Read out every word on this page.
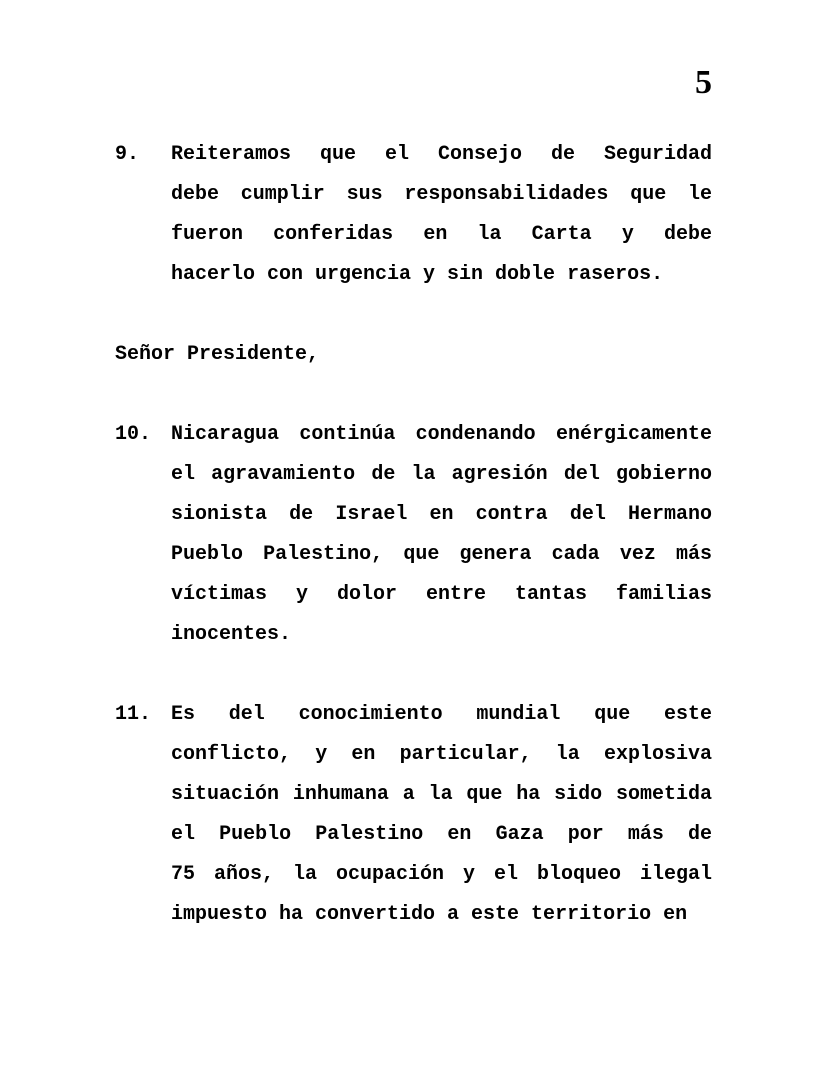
5
9.	Reiteramos que el Consejo de Seguridad
debe cumplir sus responsabilidades que le
fueron conferidas en la Carta y debe
hacerlo con urgencia y sin doble raseros.
Señor Presidente,
10. Nicaragua continúa condenando enérgicamente
el agravamiento de la agresión del gobierno
sionista de Israel en contra del Hermano
Pueblo Palestino, que genera cada vez más
víctimas y dolor entre tantas familias
inocentes.
11. Es del conocimiento mundial que este
conflicto, y en particular, la explosiva
situación inhumana a la que ha sido sometida
el Pueblo Palestino en Gaza por más de
75 años, la ocupación y el bloqueo ilegal
impuesto ha convertido a este territorio en
